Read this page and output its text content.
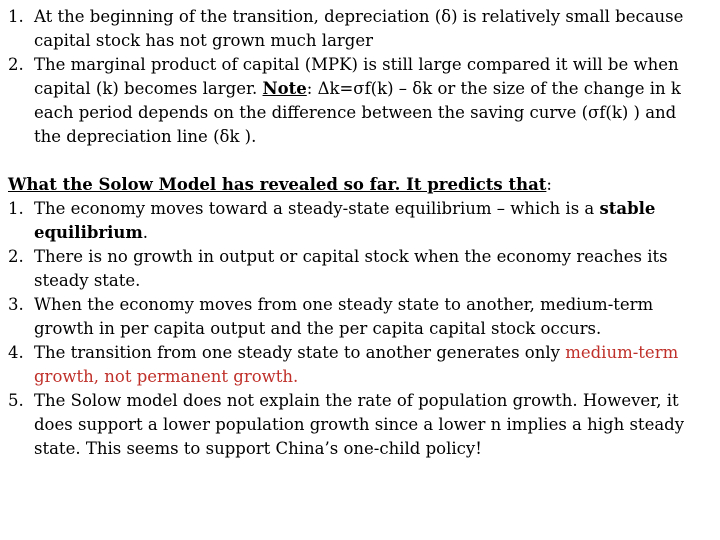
1. At the beginning of the transition, depreciation (δ) is relatively small because capital stock has not grown much larger
2. The marginal product of capital (MPK) is still large compared it will be when capital (k) becomes larger. Note: Δk=σf(k) – δk or the size of the change in k each period depends on the difference between the saving curve (σf(k) ) and the depreciation line (δk ).
What the Solow Model has revealed so far. It predicts that:
1. The economy moves toward a steady-state equilibrium – which is a stable equilibrium.
2. There is no growth in output or capital stock when the economy reaches its steady state.
3. When the economy moves from one steady state to another, medium-term growth in per capita output and the per capita capital stock occurs.
4. The transition from one steady state to another generates only medium-term growth, not permanent growth.
5. The Solow model does not explain the rate of population growth. However, it does support a lower population growth since a lower n implies a high steady state. This seems to support China’s one-child policy!
